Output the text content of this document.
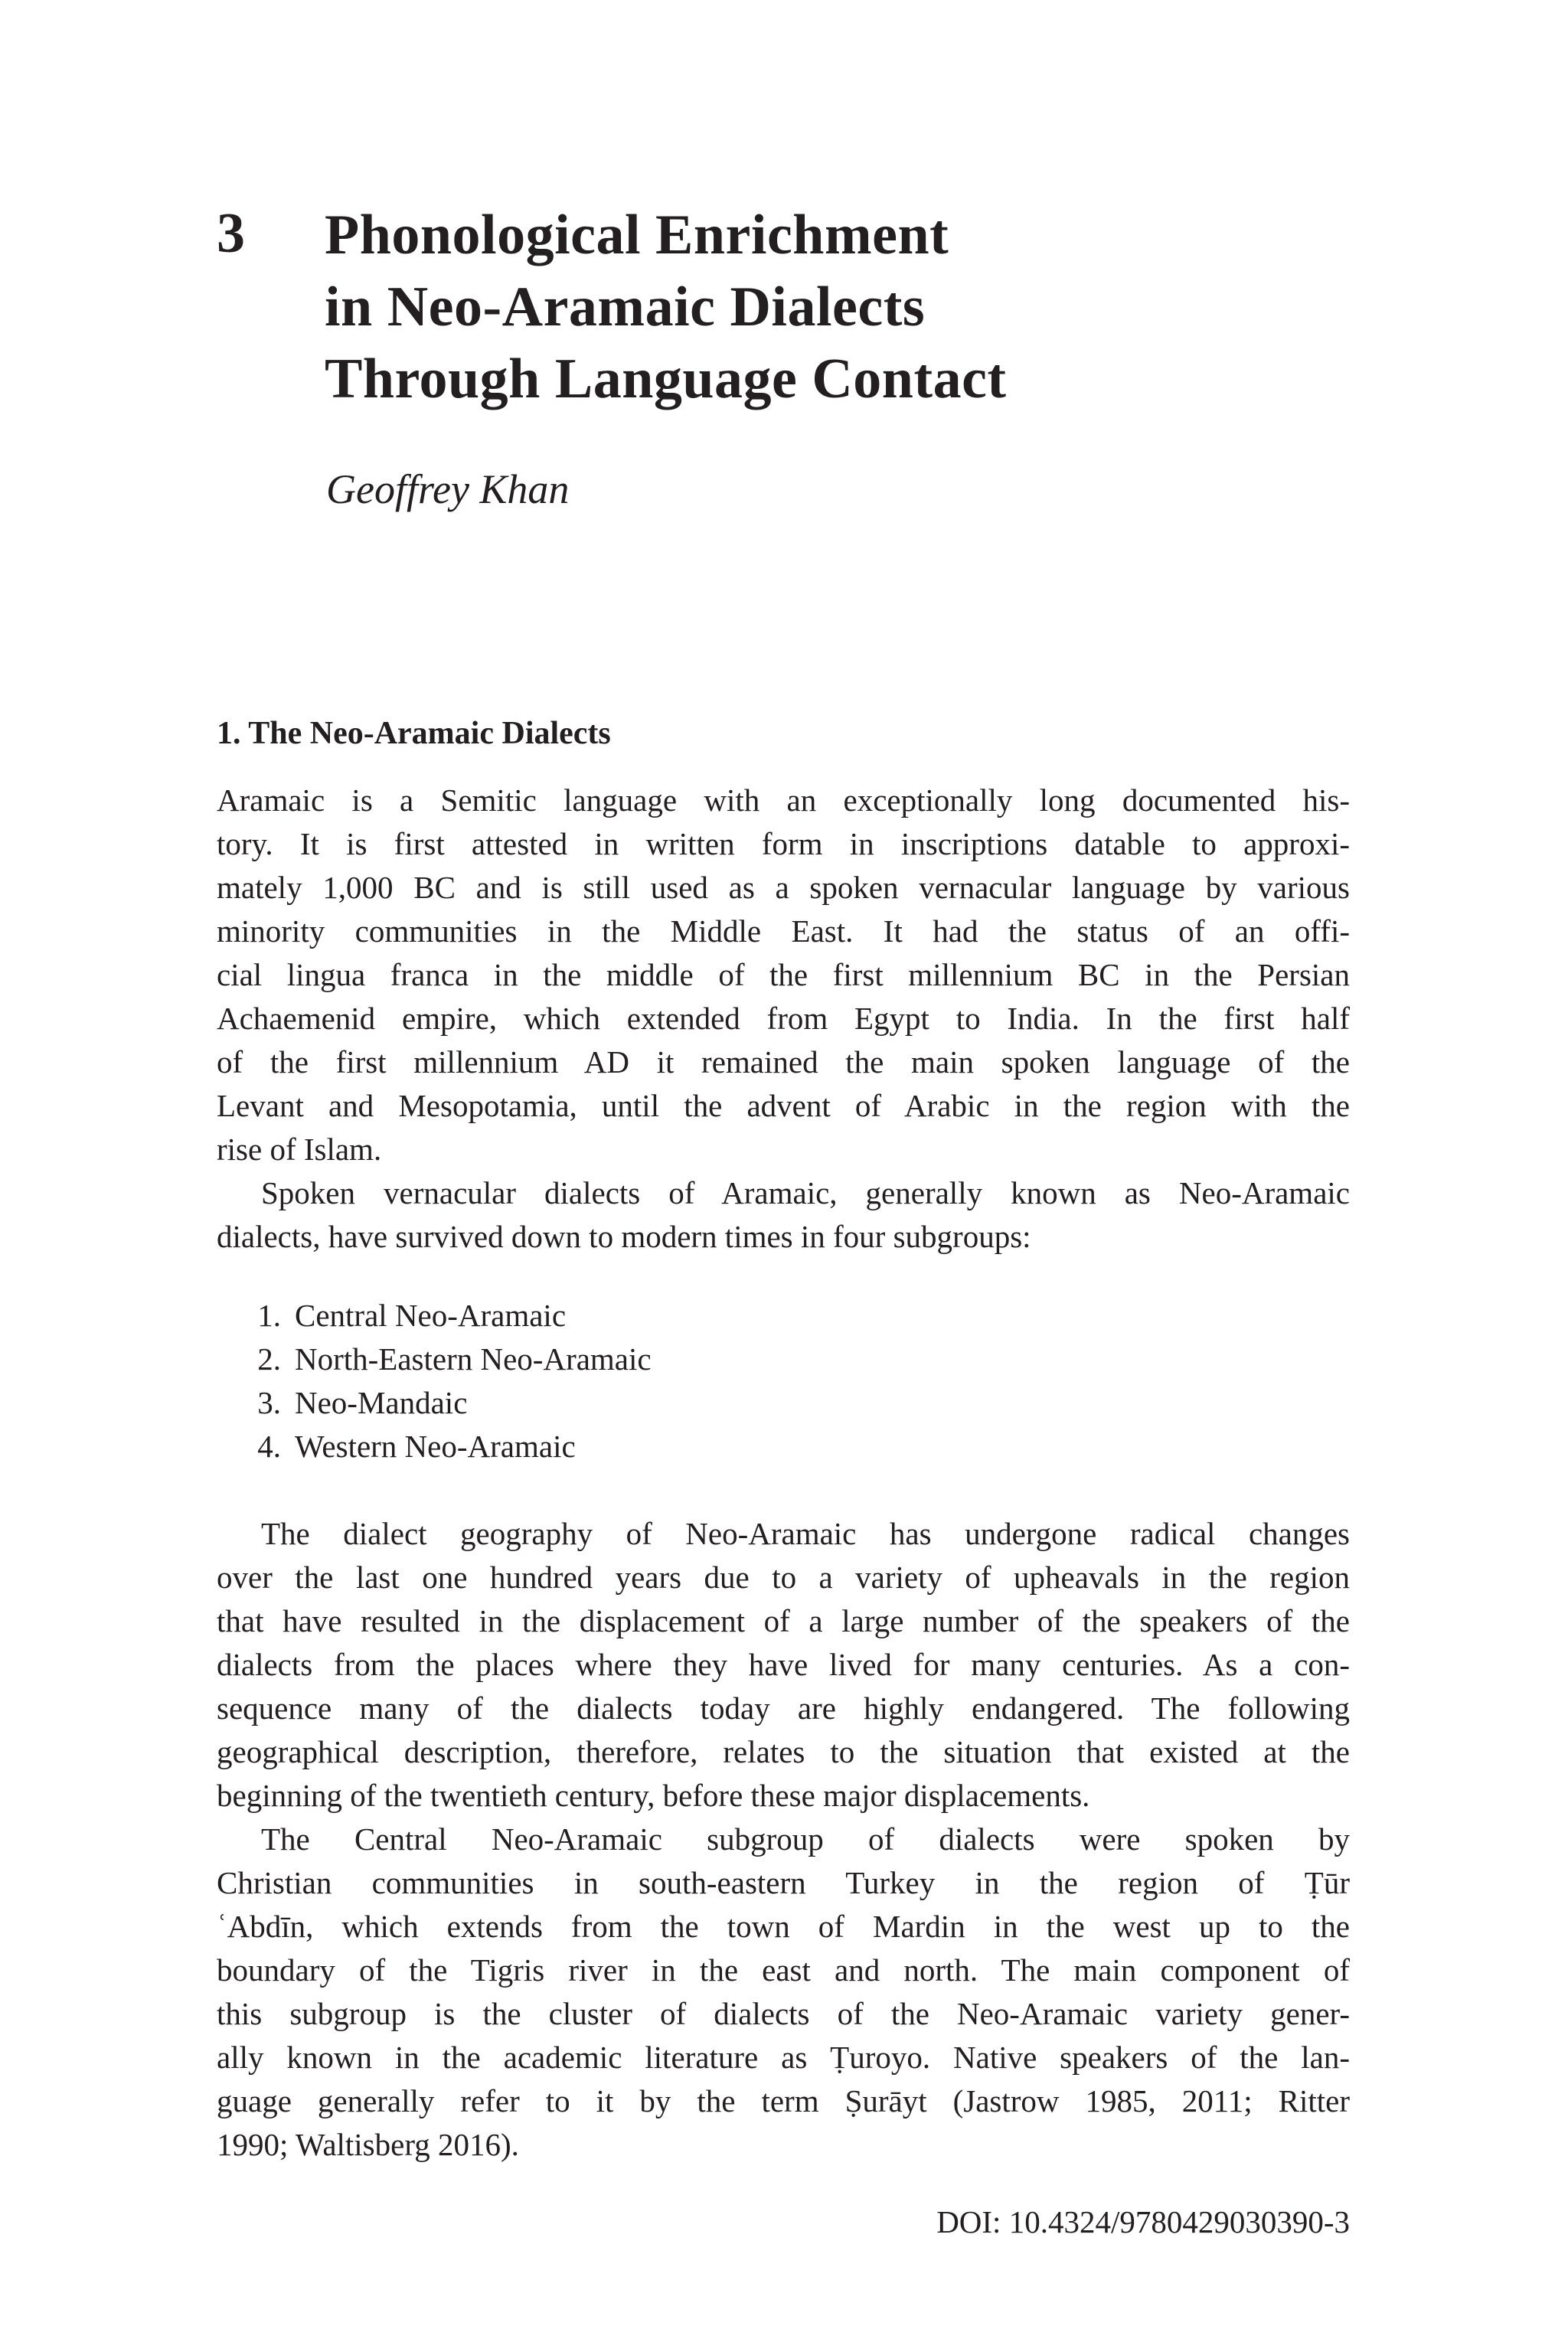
3 Phonological Enrichment
in Neo-Aramaic Dialects
Through Language Contact
Geoffrey Khan
1. The Neo-Aramaic Dialects
Aramaic is a Semitic language with an exceptionally long documented his-
tory. It is first attested in written form in inscriptions datable to approxi-
mately 1,000 BC and is still used as a spoken vernacular language by various
minority communities in the Middle East. It had the status of an offi-
cial lingua franca in the middle of the first millennium BC in the Persian
Achaemenid empire, which extended from Egypt to India. In the first half
of the first millennium AD it remained the main spoken language of the
Levant and Mesopotamia, until the advent of Arabic in the region with the
rise of Islam.
Spoken vernacular dialects of Aramaic, generally known as Neo-Aramaic
dialects, have survived down to modern times in four subgroups:
1. Central Neo-Aramaic
2. North-Eastern Neo-Aramaic
3. Neo-Mandaic
4. Western Neo-Aramaic
The dialect geography of Neo-Aramaic has undergone radical changes
over the last one hundred years due to a variety of upheavals in the region
that have resulted in the displacement of a large number of the speakers of the
dialects from the places where they have lived for many centuries. As a con-
sequence many of the dialects today are highly endangered. The following
geographical description, therefore, relates to the situation that existed at the
beginning of the twentieth century, before these major displacements.
The Central Neo-Aramaic subgroup of dialects were spoken by
Christian communities in south-eastern Turkey in the region of Ṭūr
ʿAbdīn, which extends from the town of Mardin in the west up to the
boundary of the Tigris river in the east and north. The main component of
this subgroup is the cluster of dialects of the Neo-Aramaic variety gener-
ally known in the academic literature as Ṭuroyo. Native speakers of the lan-
guage generally refer to it by the term Ṣurāyt (Jastrow 1985, 2011; Ritter
1990; Waltisberg 2016).
DOI: 10.4324/9780429030390-3
